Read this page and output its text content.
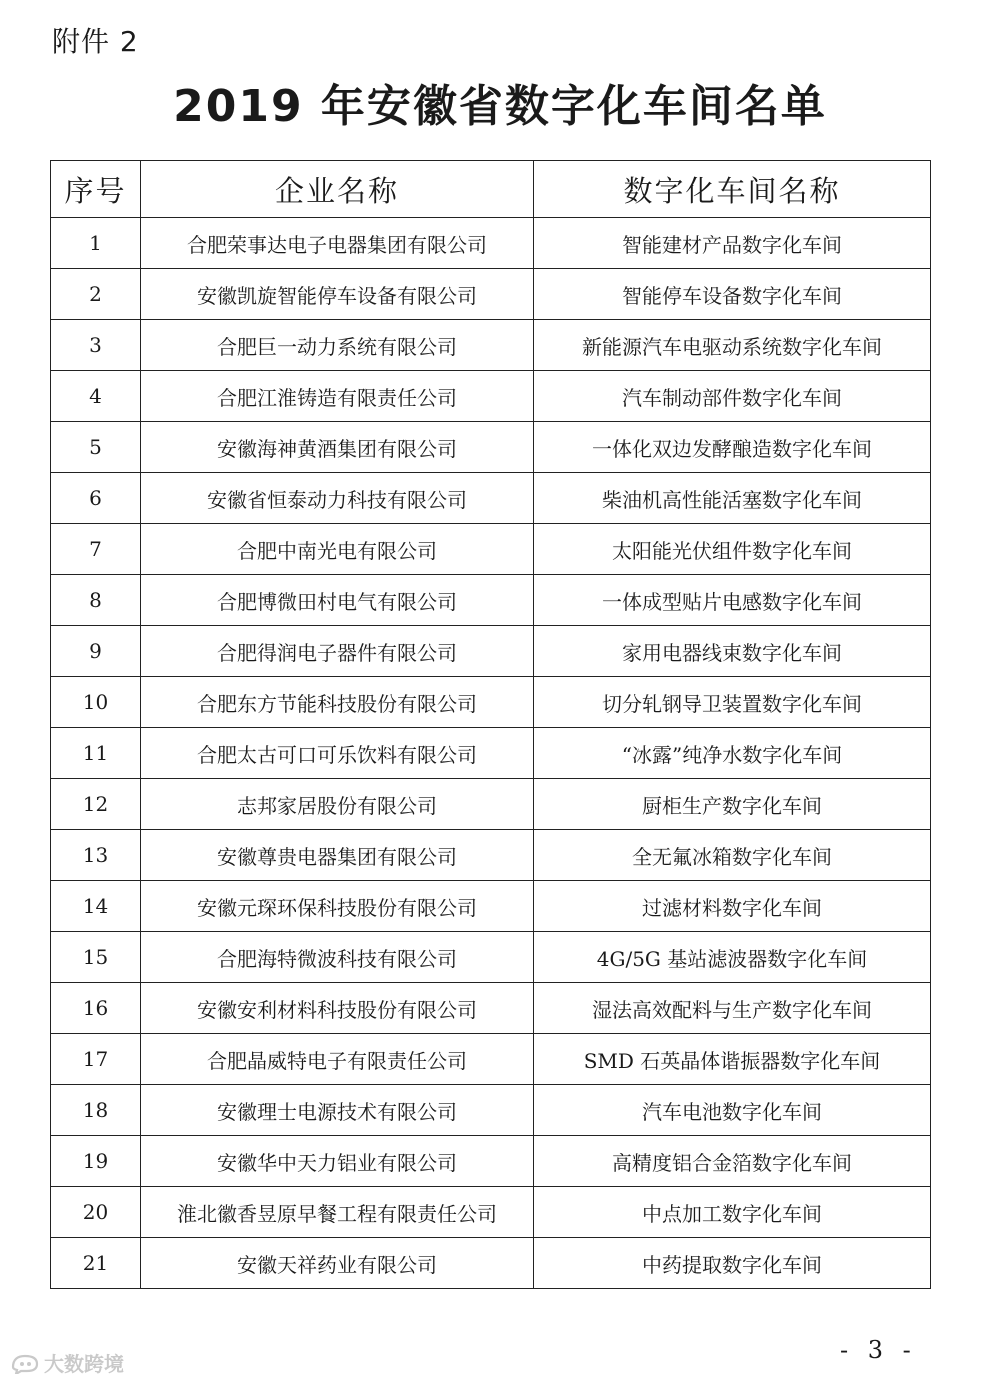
附件 2
2019 年安徽省数字化车间名单
序号	企业名称	数字化车间名称
1	合肥荣事达电子电器集团有限公司	智能建材产品数字化车间
2	安徽凯旋智能停车设备有限公司	智能停车设备数字化车间
3	合肥巨一动力系统有限公司	新能源汽车电驱动系统数字化车间
4	合肥江淮铸造有限责任公司	汽车制动部件数字化车间
5	安徽海神黄酒集团有限公司	一体化双边发酵酿造数字化车间
6	安徽省恒泰动力科技有限公司	柴油机高性能活塞数字化车间
7	合肥中南光电有限公司	太阳能光伏组件数字化车间
8	合肥博微田村电气有限公司	一体成型贴片电感数字化车间
9	合肥得润电子器件有限公司	家用电器线束数字化车间
10	合肥东方节能科技股份有限公司	切分轧钢导卫装置数字化车间
11	合肥太古可口可乐饮料有限公司	“冰露”纯净水数字化车间
12	志邦家居股份有限公司	厨柜生产数字化车间
13	安徽尊贵电器集团有限公司	全无氟冰箱数字化车间
14	安徽元琛环保科技股份有限公司	过滤材料数字化车间
15	合肥海特微波科技有限公司	4G/5G 基站滤波器数字化车间
16	安徽安利材料科技股份有限公司	湿法高效配料与生产数字化车间
17	合肥晶威特电子有限责任公司	SMD 石英晶体谐振器数字化车间
18	安徽理士电源技术有限公司	汽车电池数字化车间
19	安徽华中天力铝业有限公司	高精度铝合金箔数字化车间
20	淮北徽香昱原早餐工程有限责任公司	中点加工数字化车间
21	安徽天祥药业有限公司	中药提取数字化车间
- 3 -
大数跨境
